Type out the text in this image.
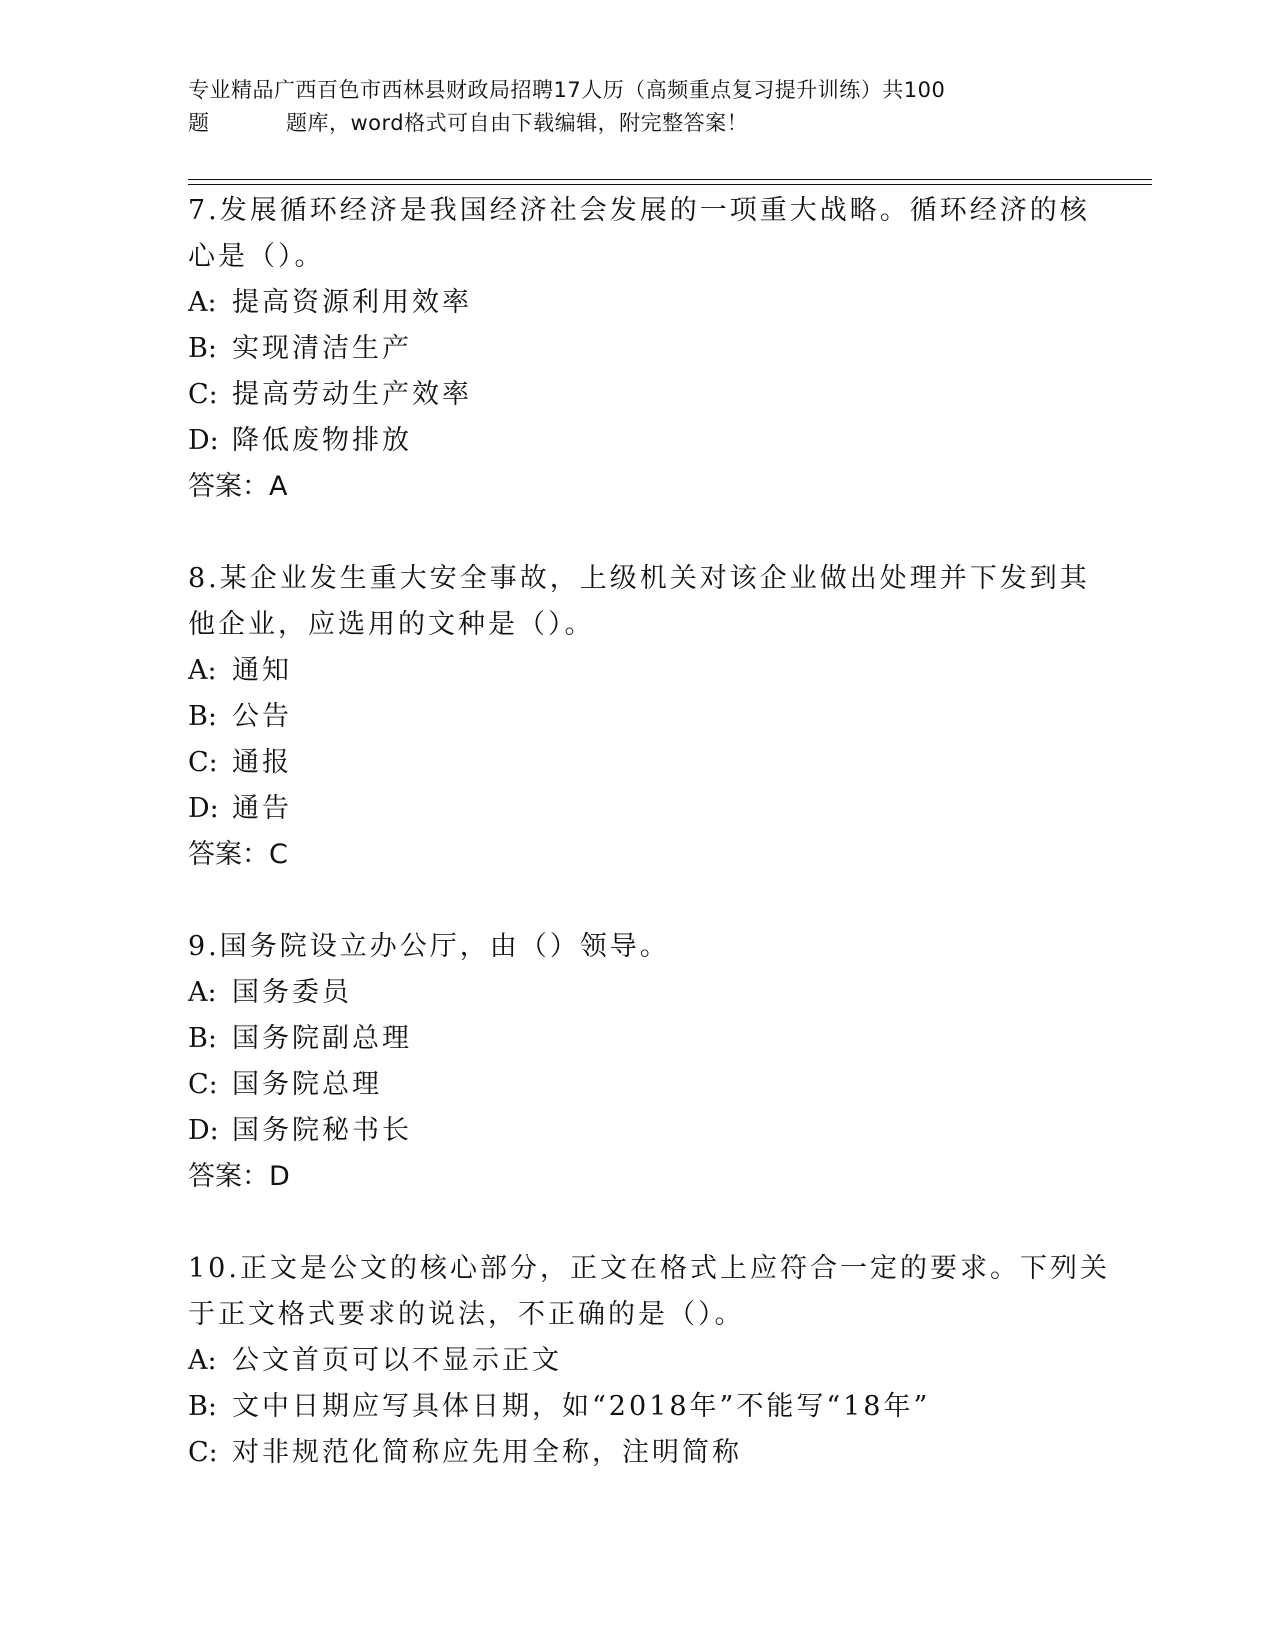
专业精品广西百色市西林县财政局招聘17人历（高频重点复习提升训练）共100
题	题库，word格式可自由下载编辑，附完整答案！
7.发展循环经济是我国经济社会发展的一项重大战略。循环经济的核
心是（）。
A: 提高资源利用效率
B: 实现清洁生产
C: 提高劳动生产效率
D: 降低废物排放
答案：A
8.某企业发生重大安全事故，上级机关对该企业做出处理并下发到其
他企业，应选用的文种是（）。
A: 通知
B: 公告
C: 通报
D: 通告
答案：C
9.国务院设立办公厅，由（）领导。
A: 国务委员
B: 国务院副总理
C: 国务院总理
D: 国务院秘书长
答案：D
10.正文是公文的核心部分，正文在格式上应符合一定的要求。下列关
于正文格式要求的说法，不正确的是（）。
A: 公文首页可以不显示正文
B: 文中日期应写具体日期，如“2018年”不能写“18年”
C: 对非规范化简称应先用全称，注明简称
